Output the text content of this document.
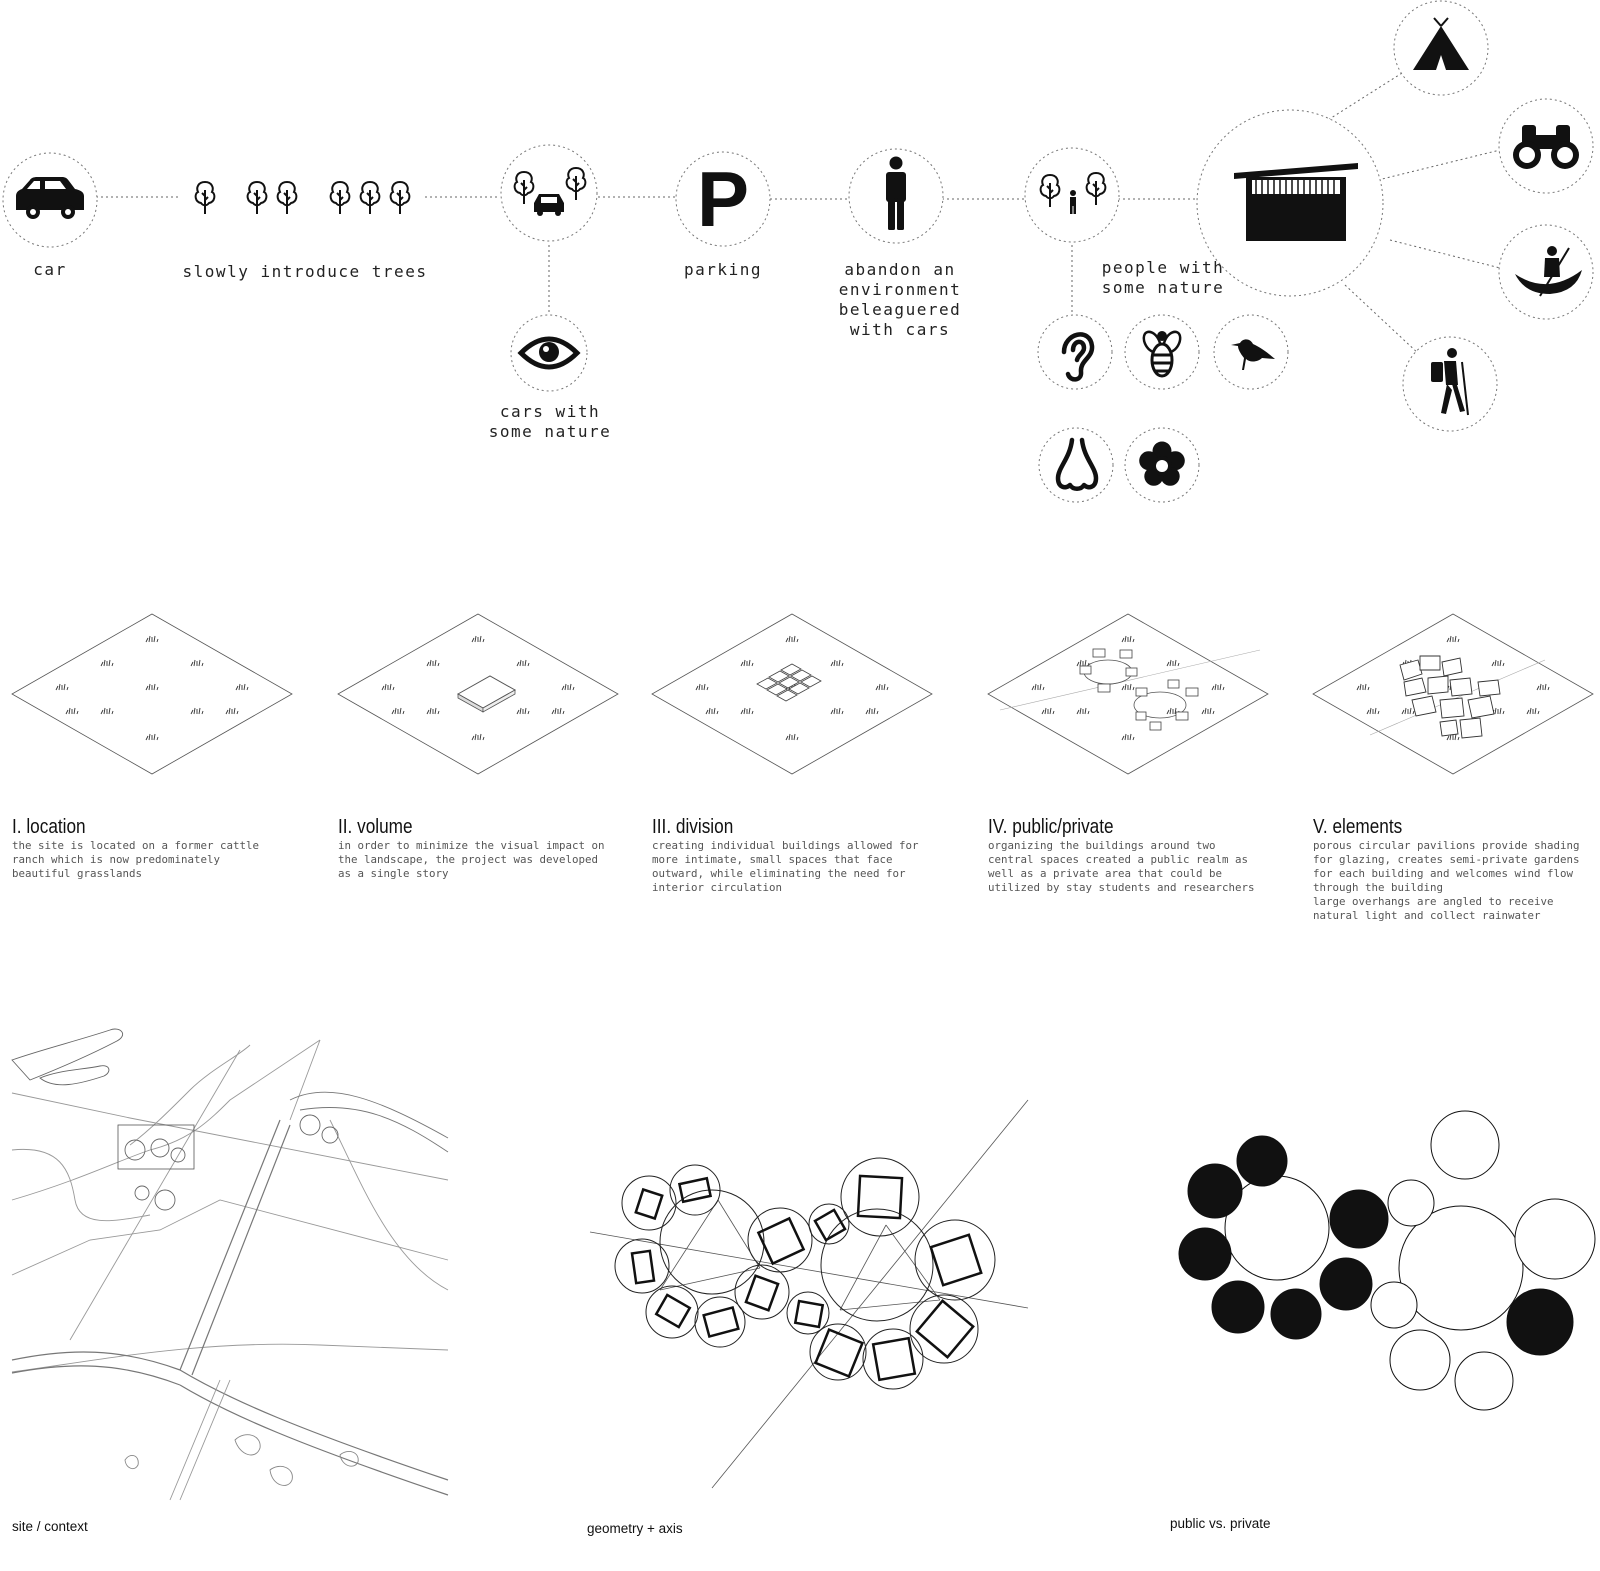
P
car	slowly introduce trees
cars with
some nature
parking	abandon an
environment
beleaguered
with cars
people with
some nature
I. location
the site is located on a former cattle
ranch which is now predominately
beautiful grasslands
II. volume
in order to minimize the visual impact on
the landscape, the project was developed
as a single story
III. division
creating individual buildings allowed for
more intimate, small spaces that face
outward, while eliminating the need for
interior circulation
IV. public/private
organizing the buildings around two
central spaces created a public realm as
well as a private area that could be
utilized by stay students and researchers
V. elements
porous circular pavilions provide shading
for glazing, creates semi-private gardens
for each building and welcomes wind flow
through the building
large overhangs are angled to receive
natural light and collect rainwater
site / context	geometry + axis	public vs. private
